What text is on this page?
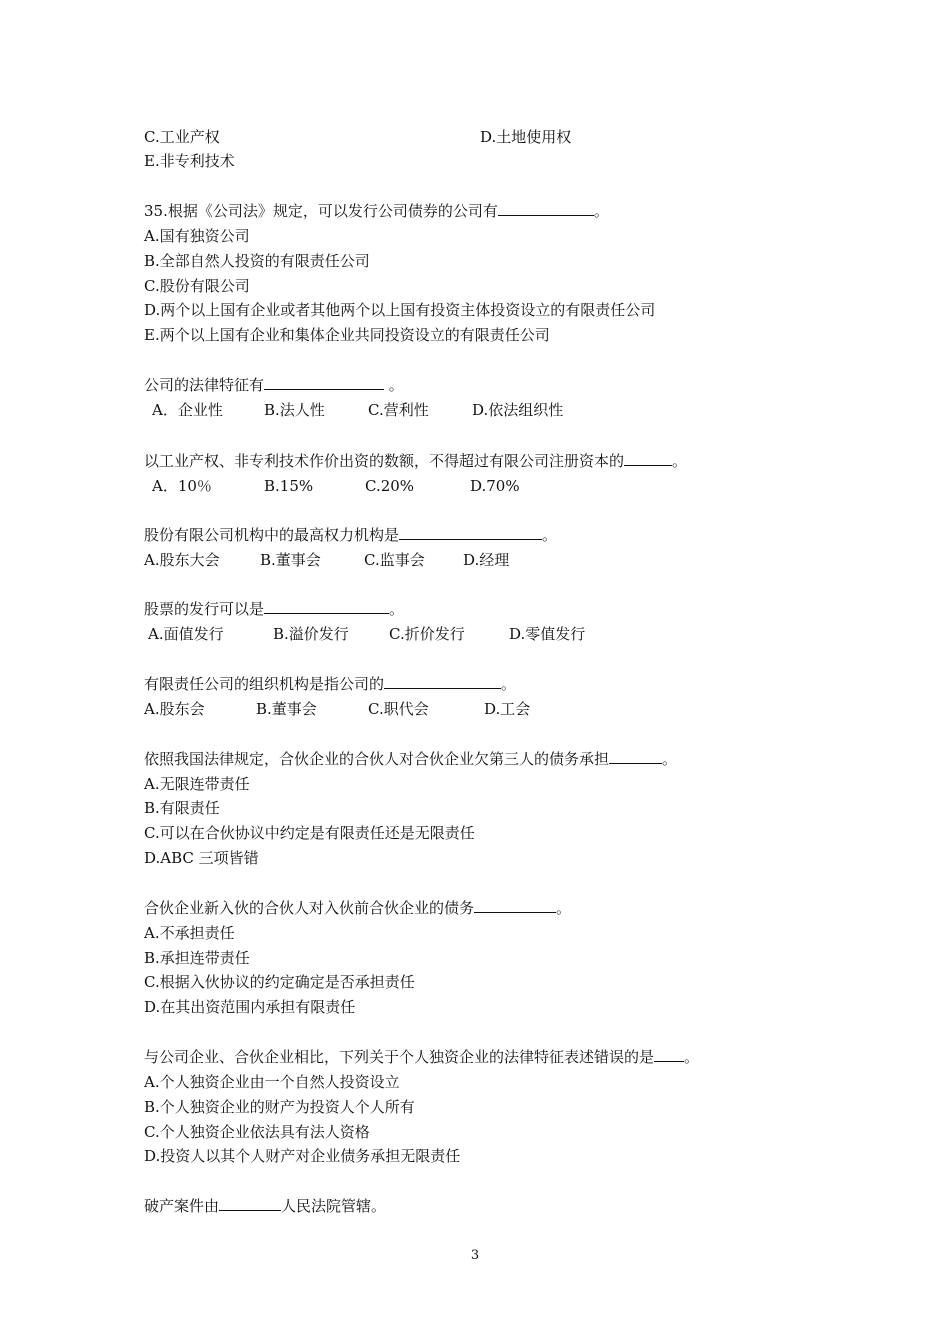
C.工业产权	D.土地使用权
E.非专利技术
35.根据《公司法》规定，可以发行公司债券的公司有	。
A.国有独资公司
B.全部自然人投资的有限责任公司
C.股份有限公司
D.两个以上国有企业或者其他两个以上国有投资主体投资设立的有限责任公司
E.两个以上国有企业和集体企业共同投资设立的有限责任公司
公司的法律特征有	。
A．企业性	B.法人性	C.营利性	D.依法组织性
以工业产权、非专利技术作价出资的数额，不得超过有限公司注册资本的	。
A．10％	B.15%	C.20%	D.70%
股份有限公司机构中的最高权力机构是	。
A.股东大会	B.董事会	C.监事会	D.经理
股票的发行可以是	。
A.面值发行	B.溢价发行	C.折价发行	D.零值发行
有限责任公司的组织机构是指公司的	。
A.股东会	B.董事会	C.职代会	D.工会
依照我国法律规定，合伙企业的合伙人对合伙企业欠第三人的债务承担	。
A.无限连带责任
B.有限责任
C.可以在合伙协议中约定是有限责任还是无限责任
D.ABC 三项皆错
合伙企业新入伙的合伙人对入伙前合伙企业的债务	。
A.不承担责任
B.承担连带责任
C.根据入伙协议的约定确定是否承担责任
D.在其出资范围内承担有限责任
与公司企业、合伙企业相比，下列关于个人独资企业的法律特征表述错误的是 。
A.个人独资企业由一个自然人投资设立
B.个人独资企业的财产为投资人个人所有
C.个人独资企业依法具有法人资格
D.投资人以其个人财产对企业债务承担无限责任
破产案件由	人民法院管辖。
3
